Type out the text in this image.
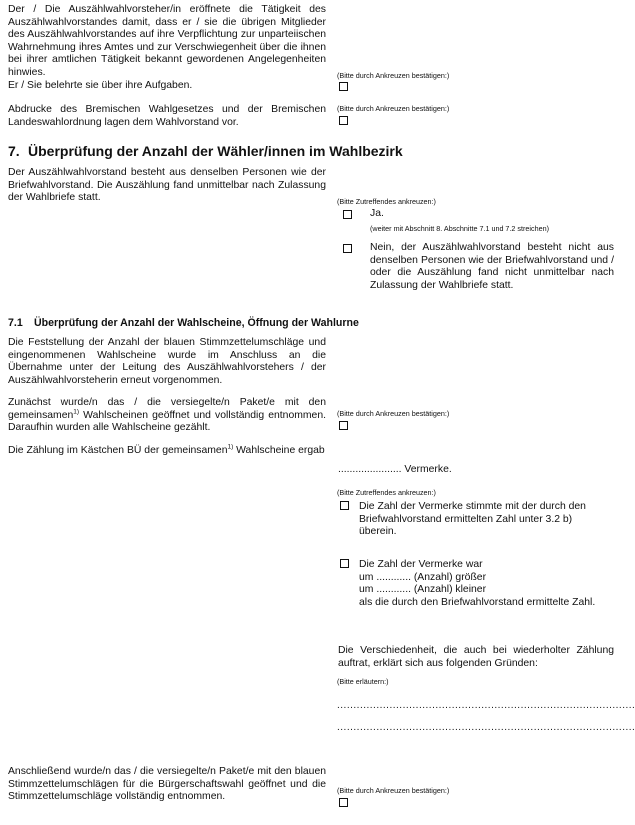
Der / Die Auszählwahlvorsteher/in eröffnete die Tätigkeit des Auszählwahlvorstandes damit, dass er / sie die übrigen Mitglieder des Auszählwahlvorstandes auf ihre Verpflichtung zur unparteiischen Wahrnehmung ihres Amtes und zur Verschwiegenheit über die ihnen bei ihrer amtlichen Tätigkeit bekannt gewordenen Angelegenheiten hinwies.

Er / Sie belehrte sie über ihre Aufgaben.
(Bitte durch Ankreuzen bestätigen:)
Abdrucke des Bremischen Wahlgesetzes und der Bremischen Landeswahlordnung lagen dem Wahlvorstand vor.
(Bitte durch Ankreuzen bestätigen:)
7. Überprüfung der Anzahl der Wähler/innen im Wahlbezirk
Der Auszählwahlvorstand besteht aus denselben Personen wie der Briefwahlvorstand. Die Auszählung fand unmittelbar nach Zulassung der Wahlbriefe statt.	(Bitte Zutreffendes ankreuzen:)
Ja.
(weiter mit Abschnitt 8. Abschnitte 7.1 und 7.2 streichen)
Nein, der Auszählwahlvorstand besteht nicht aus denselben Personen wie der Briefwahlvorstand und / oder die Auszählung fand nicht unmittelbar nach Zulassung der Wahlbriefe statt.
7.1 Überprüfung der Anzahl der Wahlscheine, Öffnung der Wahlurne
Die Feststellung der Anzahl der blauen Stimmzettelumschläge und eingenommenen Wahlscheine wurde im Anschluss an die Übernahme unter der Leitung des Auszählwahlvorstehers / der Auszählwahlvorsteherin erneut vorgenommen.
Zunächst wurde/n das / die versiegelte/n Paket/e mit den gemeinsamen$^{1)}$ Wahlscheinen geöffnet und vollständig entnommen. Daraufhin wurden alle Wahlscheine gezählt.
(Bitte durch Ankreuzen bestätigen:)
Die Zählung im Kästchen BÜ der gemeinsamen$^{1)}$ Wahlscheine ergab
...................... Vermerke.
(Bitte Zutreffendes ankreuzen:)
Die Zahl der Vermerke stimmte mit der durch den Briefwahlvorstand ermittelten Zahl unter 3.2 b) überein.
Die Zahl der Vermerke war
um ............ (Anzahl) größer
um ............ (Anzahl) kleiner
als die durch den Briefwahlvorstand ermittelte Zahl.
Die Verschiedenheit, die auch bei wiederholter Zählung auftrat, erklärt sich aus folgenden Gründen:
(Bitte erläutern:)
...........................................................................................
...........................................................................................
Anschließend wurde/n das / die versiegelte/n Paket/e mit den blauen Stimmzettelumschlägen für die Bürgerschaftswahl geöffnet und die Stimmzettelumschläge vollständig entnommen.
(Bitte durch Ankreuzen bestätigen:)
